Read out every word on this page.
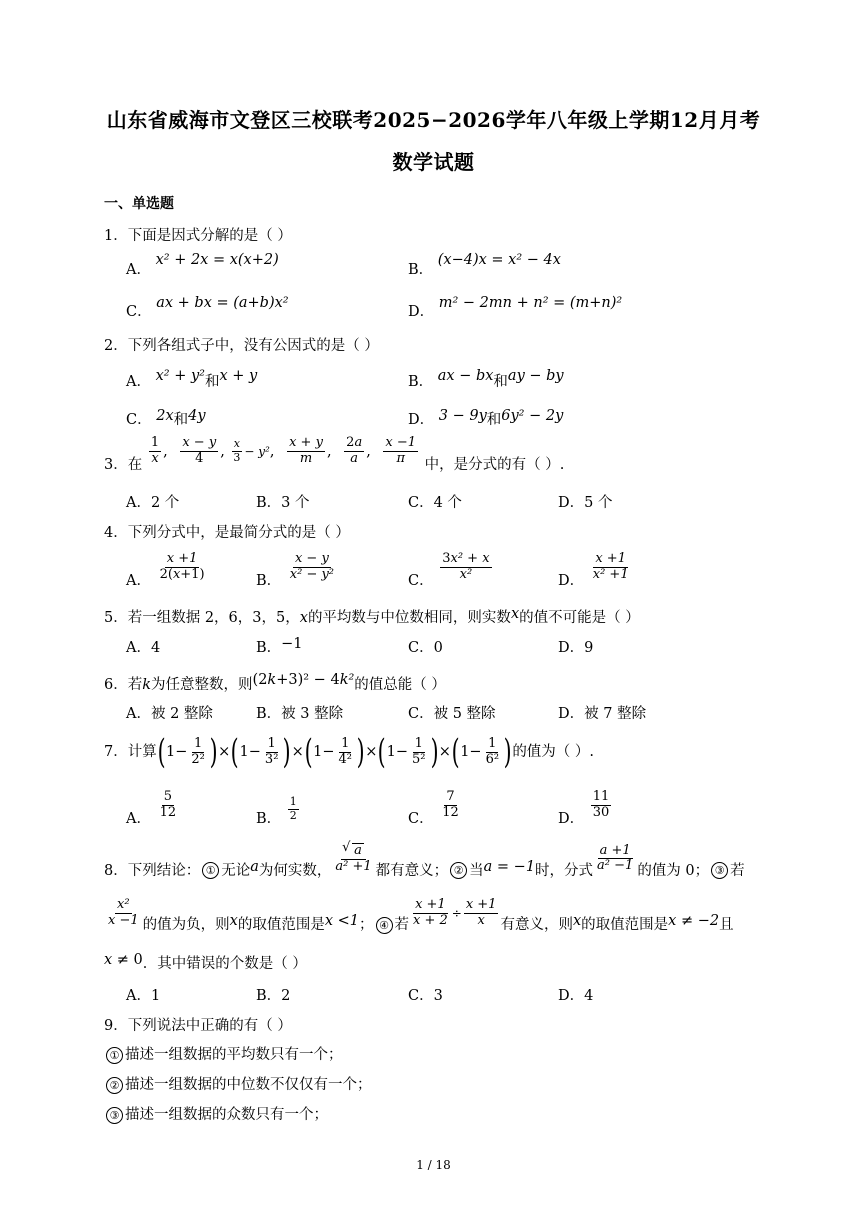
山东省威海市文登区三校联考2025−2026学年八年级上学期12月月考
数学试题
一、单选题
1．下面是因式分解的是（ ）
A． x² + 2x = x(x+2)
B． (x−4)x = x² − 4x
C． ax + bx = (a+b)x²
D． m² − 2mn + n² = (m+n)²
2．下列各组式子中，没有公因式的是（ ）
A． x² + y²和x + y	B． ax − bx和ay − by
C． 2x和4y	D． 3 − 9y和6y² − 2y
3．在 $\frac{1}{x}$ , $\frac{x - y}{4}$ , $\frac{x}{3} - y^2$, $\frac{x + y}{m}$ , $\frac{2a}{a}$ , $\frac{x -1}{\pi}$ 中，是分式的有（ ）.
A．2 个	B．3 个	C．4 个	D．5 个
4．下列分式中，是最简分式的是（ ）
A． $\frac{x +1}{2(x+1)}$	B． $\frac{x - y}{\text{x² − y²}}$	C． $\frac{\text{3x² + x}}{\text{x²}}$	D． $\frac{x +1}{\text{x² +1}}$
5．若一组数据 2，6，3，5，x的平均数与中位数相同，则实数x的值不可能是（ ）
A．4	B．−1	C．0	D．9
6．若k为任意整数，则(2k+3)² − 4k²的值总能（ ）
A．被 2 整除	B．被 3 整除	C．被 5 整除	D．被 7 整除
7．计算$(1- \frac{1}{\text{2²}} )\times(1- \frac{1}{\text{3²}} )\times(1- \frac{1}{\text{4²}} )\times(1- \frac{1}{\text{5²}} )\times(1- \frac{1}{\text{6²}}$ )的值为（ ）.
A． $\frac{5}{12}$	B． $\frac{1}{2}$	C． $\frac{7}{12}$	D． $\frac{11}{30}$
8．下列结论： ① 无论a为何实数，
√ $\frac{a}{\text{a² +1}}$ 都有意义； ② 当a = −1时，分式 $\frac{a +1}{\text{a² −1}}$ 的值为 0； ③ 若
$\frac{\text{x²}}{x -1}$ 的值为负，则x的取值范围是x <1； ④ 若 $\frac{x +1}{x + 2} \div \frac{x +1}{x}$ 有意义，则x的取值范围是x ≠ −2且
x ≠ 0．其中错误的个数是（ ）
A．1	B．2	C．3	D．4
9．下列说法中正确的有（ ）
① 描述一组数据的平均数只有一个；
② 描述一组数据的中位数不仅仅有一个；
③ 描述一组数据的众数只有一个；
1 / 18
